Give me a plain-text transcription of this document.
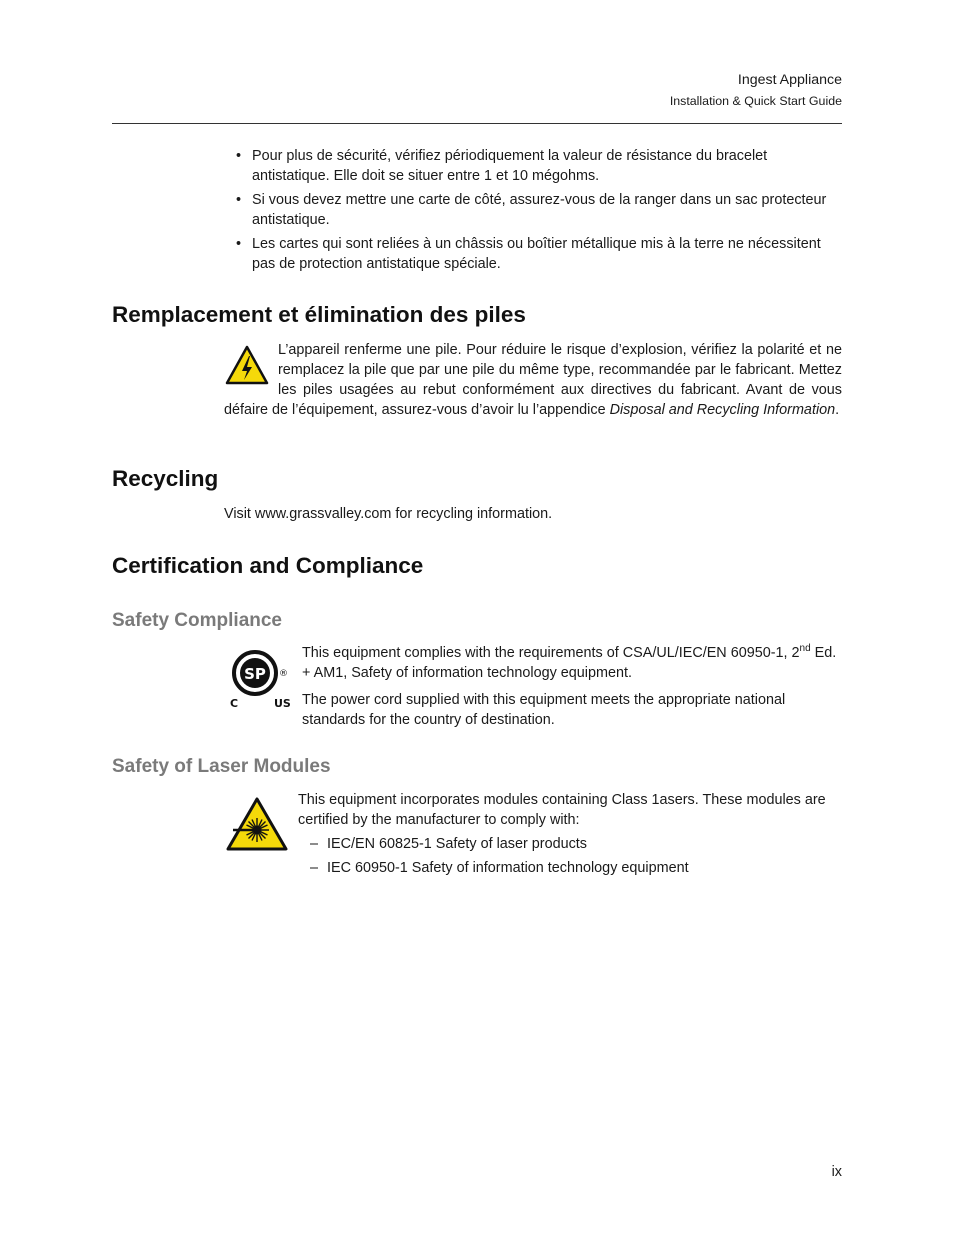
Ingest Appliance
Installation & Quick Start Guide
• Pour plus de sécurité, vérifiez périodiquement la valeur de résistance du bracelet antistatique. Elle doit se situer entre 1 et 10 mégohms.
• Si vous devez mettre une carte de côté, assurez-vous de la ranger dans un sac protecteur antistatique.
• Les cartes qui sont reliées à un châssis ou boîtier métallique mis à la terre ne nécessitent pas de protection antistatique spéciale.
Remplacement et élimination des piles
L’appareil renferme une pile. Pour réduire le risque d’explosion, vérifiez la polarité et ne remplacez la pile que par une pile du même type, recommandée par le fabricant. Mettez les piles usagées au rebut conformément aux directives du fabricant. Avant de vous défaire de l’équipement, assurez-vous d’avoir lu l’appendice Disposal and Recycling Information.
Recycling
Visit www.grassvalley.com for recycling information.
Certification and Compliance
Safety Compliance
SP ®
C	US
This equipment complies with the requirements of CSA/UL/IEC/EN 60950-1, 2nd Ed. + AM1, Safety of information technology equipment.
The power cord supplied with this equipment meets the appropriate national standards for the country of destination.
Safety of Laser Modules
This equipment incorporates modules containing Class 1asers. These modules are certified by the manufacturer to comply with:
– IEC/EN 60825-1 Safety of laser products
– IEC 60950-1 Safety of information technology equipment
ix
